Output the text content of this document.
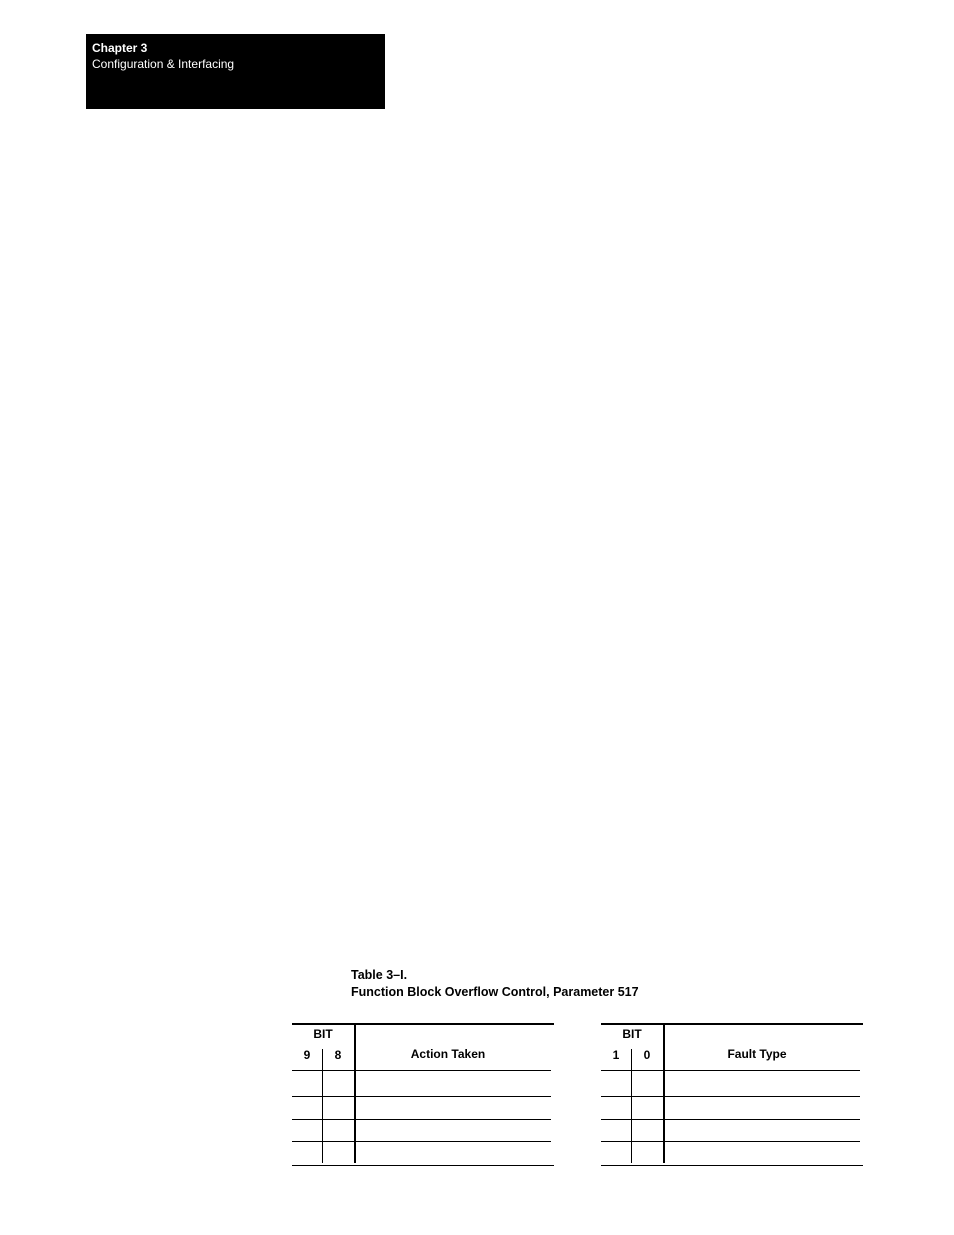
Chapter 3
Configuration & Interfacing
Table 3–I.
Function Block Overflow Control, Parameter 517
BIT
9	8	Action Taken
BIT
1	0	Fault Type
